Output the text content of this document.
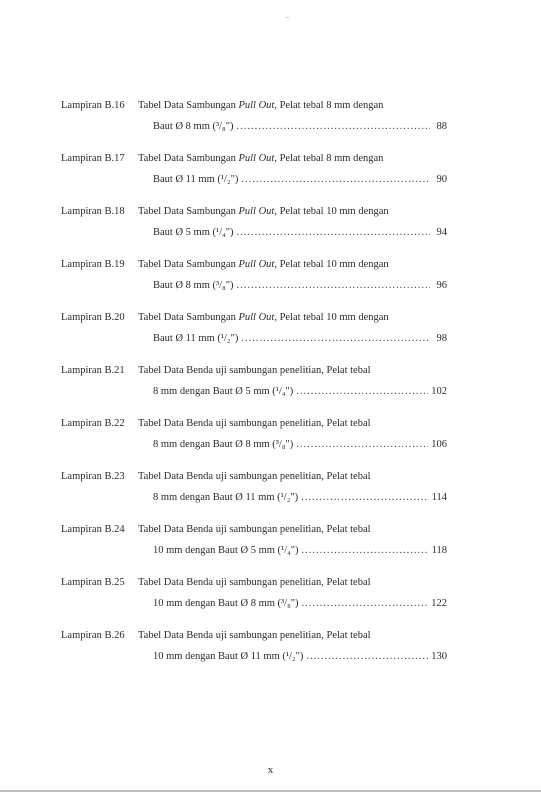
Lampiran B.16 Tabel Data Sambungan Pull Out, Pelat tebal 8 mm dengan
Baut Ø 8 mm (³/₈") .....	88
Lampiran B.17 Tabel Data Sambungan Pull Out, Pelat tebal 8 mm dengan
Baut Ø 11 mm (¹/₂") .....	90
Lampiran B.18 Tabel Data Sambungan Pull Out, Pelat tebal 10 mm dengan
Baut Ø 5 mm (¹/₄") .....	94
Lampiran B.19 Tabel Data Sambungan Pull Out, Pelat tebal 10 mm dengan
Baut Ø 8 mm (³/₈") .....	96
Lampiran B.20 Tabel Data Sambungan Pull Out, Pelat tebal 10 mm dengan
Baut Ø 11 mm (¹/₂") .....	98
Lampiran B.21 Tabel Data Benda uji sambungan penelitian, Pelat tebal
8 mm dengan Baut Ø 5 mm (¹/₄") .....	102
Lampiran B.22 Tabel Data Benda uji sambungan penelitian, Pelat tebal
8 mm dengan Baut Ø 8 mm (³/₈") .....	106
Lampiran B.23 Tabel Data Benda uji sambungan penelitian, Pelat tebal
8 mm dengan Baut Ø 11 mm (¹/₂") .....	114
Lampiran B.24 Tabel Data Benda uji sambungan penelitian, Pelat tebal
10 mm dengan Baut Ø 5 mm (¹/₄") .....	118
Lampiran B.25 Tabel Data Benda uji sambungan penelitian, Pelat tebal
10 mm dengan Baut Ø 8 mm (³/₈") .....	122
Lampiran B.26 Tabel Data Benda uji sambungan penelitian, Pelat tebal
10 mm dengan Baut Ø 11 mm (¹/₂") .....	130
x
